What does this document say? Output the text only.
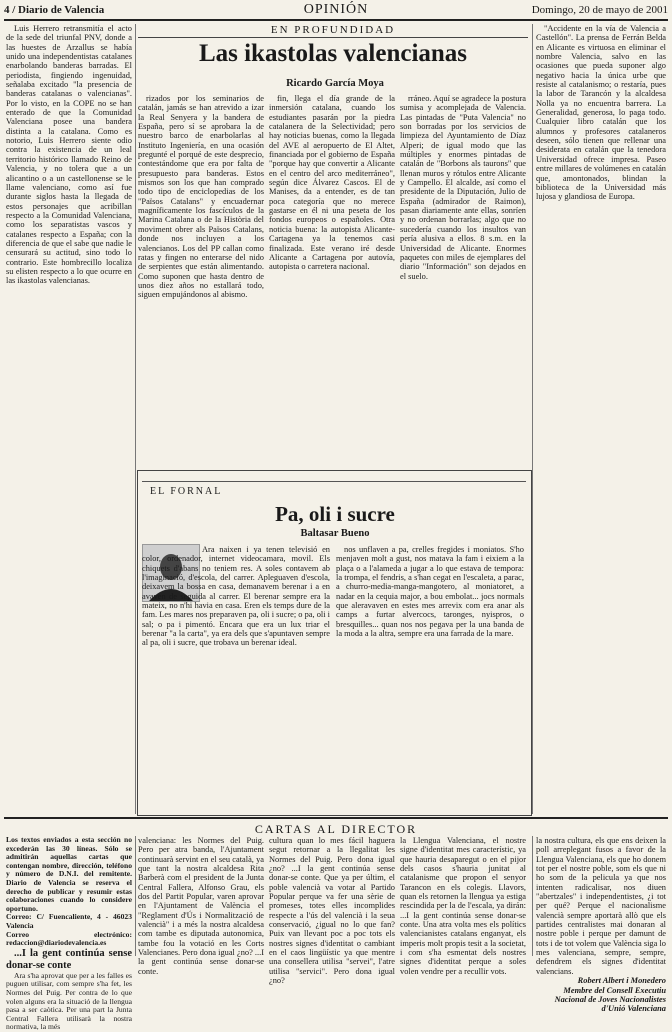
4 / Diario de Valencia	OPINIÓN	Domingo, 20 de mayo de 2001
EN PROFUNDIDAD
Las ikastolas valencianas
Ricardo García Moya

Luis Herrero retransmitía el acto de la sede del triunfal PNV, donde a las huestes de Arzallus se había unido una independentistas catalanes enarbolando banderas barradas. El periodista, fingiendo ingenuidad, señalaba excitado "la presencia de banderas catalanas o valencianas". Por lo visto, en la COPE no se han enterado de que la Comunidad Valenciana posee una bandera distinta a la catalana. Como es notorio, Luis Herrero siente odio contra la existencia de un leal territorio histórico llamado Reino de Valencia, y no tolera que a un alicantino o a un castellonense se le llame valenciano, como así fue durante siglos hasta la llegada de estos personajes que acribillan respecto a la Comunidad Valenciana, como los separatistas vascos y catalanes respecto a España; con la diferencia de que el sabe que nadie le censurará su actitud, sino todo lo contrario. Este hombrecillo localiza su elisten respecto a lo que ocurre en las ikastolas valencianas.

rizados por los seminarios de catalán, jamás se han atrevido a izar la Real Senyera y la bandera de España, pero sí se aprobara la de nuestro barco de enarbolarlas al Instituto Ingeniería, en una ocasión pregunté el porqué de este desprecio, contestándome que era por falta de presupuesto para banderas. Estos mismos son los que han comprado todo tipo de enciclopedias de los "Països Catalans" y encuadernar magníficamente los fascículos de la Marina Catalana o de la Història del moviment obrer als Països Catalans, donde nos incluyen a los valencianos. Los del PP callan como ratas y fingen no enterarse del nido de serpientes que están alimentando. Como suponen que hasta dentro de unos diez años no estallará todo, siguen empujándonos al abismo.

fin, llega el día grande de la inmersión catalana, cuando los estudiantes pasarán por la piedra catalanera de la Selectividad; pero hay noticias buenas, como la llegada del AVE al aeropuerto de El Altet, financiada por el gobierno de España "porque hay que convertir a Alicante en el centro del arco mediterráneo", según dice Álvarez Cascos. El de Manises, da a entender, es de tan poca categoría que no merece gastarse en él ni una peseta de los fondos europeos o españoles. Otra noticia buena: la autopista Alicante-Cartagena ya la tenemos casi finalizada. Este verano iré desde Alicante a Cartagena por autovía, autopista o carretera nacional.

rráneo. Aquí se agradece la postura sumisa y acomplejada de Valencia. Las pintadas de "Puta Valencia" no son borradas por los servicios de limpieza del Ayuntamiento de Díaz Alperi; de igual modo que las múltiples y enormes pintadas de catalán de "Borbons als taurons" que llenan muros y rótulos entre Alicante y Campello. El alcalde, así como el presidente de la Diputación, Julio de España (admirador de Raimon), pasan diariamente ante ellas, sonríen y no ordenan borrarlas; algo que no sucedería cuando los insultos van pería alusiva a ellos. 8 s.m. en la Universidad de Alicante. Enormes paquetes con miles de ejemplares del diario "Información" son dejados en el suelo.

"Accidente en la vía de Valencia a Castellón". La prensa de Ferrán Belda en Alicante es virtuosa en eliminar el nombre Valencia, salvo en las ocasiones que pueda suponer algo negativo hacia la única urbe que resiste al catalanismo; o restaría, pues la labor de Tarancón y la alcaldesa Nolla ya no encuentra barrera. La Generalidad, generosa, lo paga todo. Cualquier libro catalán que los alumnos y profesores catalaneros deseen, sólo tienen que rellenar una desiderata en catalán que la tenedora Universidad ofrece impresa. Paseo entre millares de volúmenes en catalán que, amontonados, blindan la biblioteca de la Universidad más lujosa y glandiosa de Europa.

EL FORNAL
Pa, oli i sucre
Baltasar Bueno

Ara naixen i ya tenen televisió en color, ordenador, internet videocamara, movil. Els chiquets d'abans no teniem res. A soles contavem ab l'imaginació, d'escola, del carrer. Apleguaven d'escola, deixavem la bossa en casa, demanavem berenar i a en avaven de seguida al carrer. El berenar sempre era la mateix, no n'hi havia en casa. Eren els temps dure de la fam. Les mares nos preparaven pa, oli i sucre; o pa, oli i sal; o pa i pimentó. Encara que era un lux triar el berenar "a la carta", ya era dels que s'apuntaven sempre al pa, oli i sucre, que trobava un berenar ideal.

nos unflaven a pa, crelles fregides i moniatos. S'ho menjaven molt a gust, nos matava la fam i eixiem a la plaça o a l'alameda a jugar a lo que estava de tempora: la trompa, el fendris, a s'han cegat en l'escaleta, a parac, a churro-media-manga-mangotero, al moniatoret, a nadar en la cequia major, a bou embolat... jocs normals que aleravaven en estes mes arrevix com era anar als camps a furtar alvercocs, taronges, nyispros, o bresquilles... quan nos nos pegava per la una banda de la moda a la altra, sempre era una farrada de la mare.

CARTAS AL DIRECTOR

Los textos enviados a esta sección no excederán las 30 líneas. Sólo se admitirán aquellas cartas que contengan nombre, dirección, teléfono y número de D.N.I. del remitente. Diario de Valencia se reserva el derecho de publicar y resumir estas colaboraciones cuando lo considere oportuno.

Correo: C/ Fuencaliente, 4 - 46023 Valencia

Correo electrónico: redaccion@diariodevalencia.es

...I la gent continúa sense donar-se conte

Ara s'ha aprovat que per a les falles es puguen utilisar, com sempre s'ha fet, les Normes del Puig. Per contra de lo que volen alguns era la situació de la llengua pasa a ser caòtica. Per una part la Junta Central Fallera utilisarà la nostra normativa, la més

valenciana: les Normes del Puig. Pero per atra banda, l'Ajuntament continuarà servint en el seu català, ya que tant la nostra alcaldesa Rita Barberà com el president de la Junta Central Fallera, Alfonso Grau, els dos del Partit Popular, varen aprovar en l'Ajuntament de València el "Reglament d'Ús i Normalització de valencià" i a més la nostra alcaldesa com tambe es diputada autonomica, tambe fou la votació en les Corts Valencianes. Pero dona igual ¿no? ...I la gent continúa sense donar-se conte.

cultura quan lo mes fácil haguera segut retornar a la llegalitat les Normes del Puig. Pero dona igual ¿no? ...I la gent continúa sense donar-se conte. Que ya per últim, el poble valencià va votar al Partido Popular perque va fer una sèrie de promeses, totes elles incomplides respecte a l'ús del valencià i la seua conservació, ¿igual no lo que fan? Puix van llevant poc a poc tots els nostres signes d'identitat o cambiant en el caos lingüístic ya que mentre una consellera utilisa "servei", l'atre utilisa "servici". Pero dona igual ¿no?

la Llengua Valenciana, el nostre signe d'identitat mes característic, ya que hauria desaparegut o en el pijor dels casos s'hauria junitat al catalanisme que propon el senyor Tarancon en els colegis. Llavors, quan els retornen la llengua ya estiga rescindida per la de l'escala, ya dirán: ...I la gent continúa sense donar-se conte. Una atra volta mes els polítics valencianistes catalans enganyat, els imperis molt propis tesit a la societat, i com s'ha esmentat dels nostres signes d'identitat perque a soles volen vendre per a recullir vots.

la nostra cultura, els que ens deixen la poll arreplegant fusos a favor de la Llengua Valenciana, els que ho donem tot per el nostre poble, som els que ni ho som de la pelicula ya que nos intenten radicalisar, nos diuen "abertzales" i independentistes, ¿i tot per qué? Perque el nacionalisme valencià sempre aportarà allò que els partides centralistes mai donaran al nostre poble i perque per damunt de tots i de tot volem que València siga lo mes valenciana, sempre, sempre, defendrem els signes d'identitat valencians.

Robert Albert i Monedero

Membre del Consell Executiu

Nacional de Joves Nacionalistes d'Unió Valenciana
